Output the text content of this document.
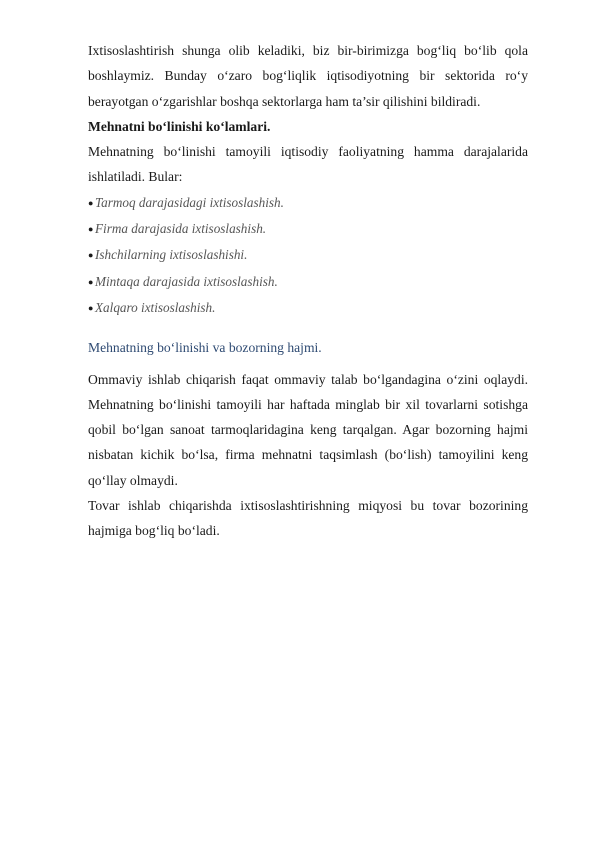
Ixtisoslashtirish shunga olib keladiki, biz bir-birimizga bog‘liq bo‘lib qola boshlaymiz. Bunday o‘zaro bog‘liqlik iqtisodiyotning bir sektorida ro‘y berayotgan o‘zgarishlar boshqa sektorlarga ham ta’sir qilishini bildiradi.

Mehnatni bo‘linishi ko‘lamlari.

Mehnatning bo‘linishi tamoyili iqtisodiy faoliyatning hamma darajalarida ishlatiladi. Bular:

● Tarmoq darajasidagi ixtisoslashish.
● Firma darajasida ixtisoslashish.
● Ishchilarning ixtisoslashishi.
● Mintaqa darajasida ixtisoslashish.
● Xalqaro ixtisoslashish.

Mehnatning bo‘linishi va bozorning hajmi.

Ommaviy ishlab chiqarish faqat ommaviy talab bo‘lgandagina o‘zini oqlaydi. Mehnatning bo‘linishi tamoyili har haftada minglab bir xil tovarlarni sotishga qobil bo‘lgan sanoat tarmoqlaridagina keng tarqalgan. Agar bozorning hajmi nisbatan kichik bo‘lsa, firma mehnatni taqsimlash (bo‘lish) tamoyilini keng qo‘llay olmaydi.

Tovar ishlab chiqarishda ixtisoslashtirishning miqyosi bu tovar bozorining hajmiga bog‘liq bo‘ladi.
